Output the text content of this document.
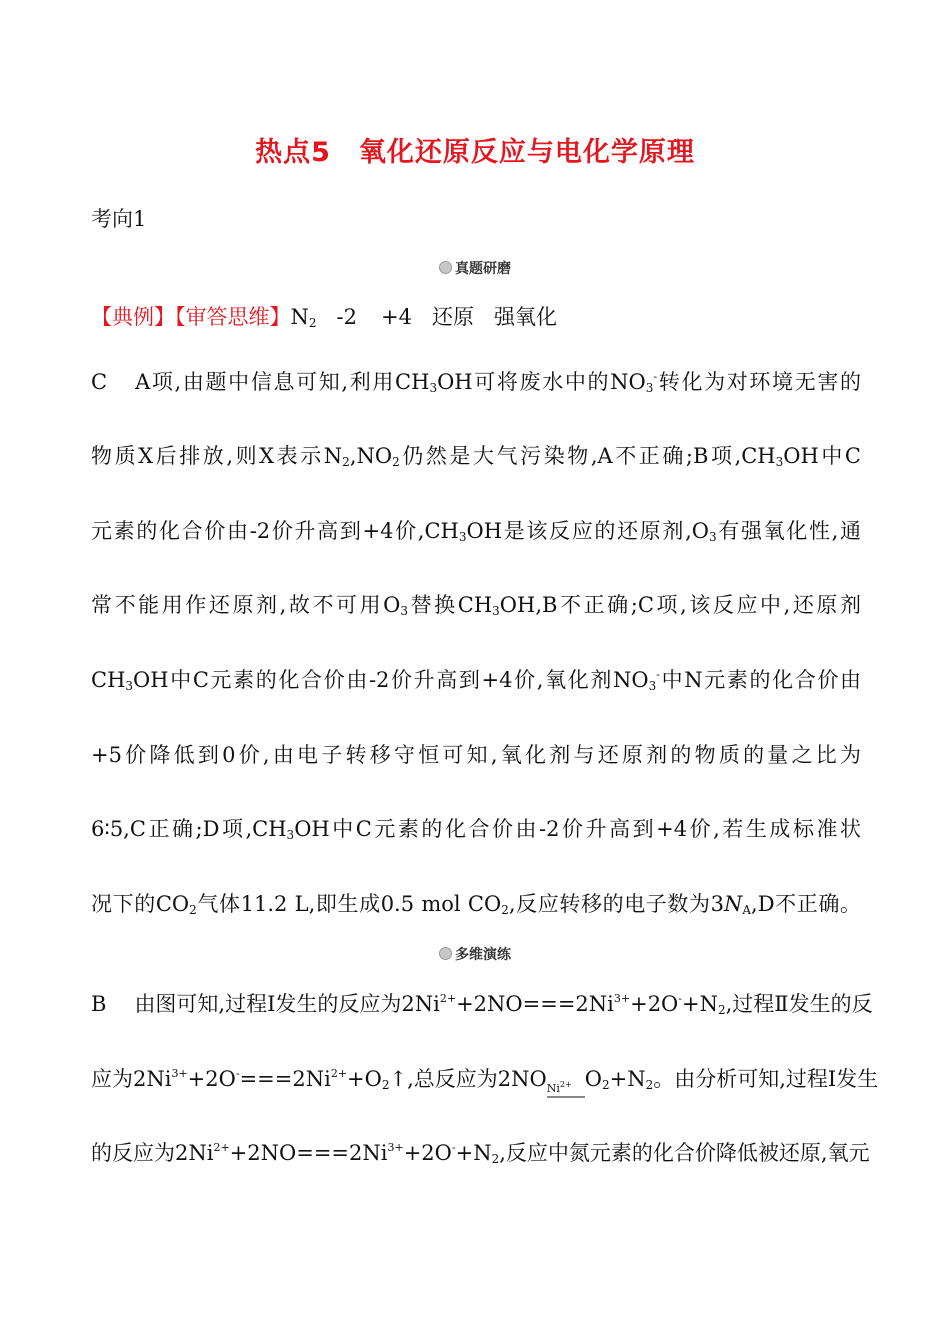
热点5　氧化还原反应与电化学原理
考向1
真题研磨
【典例】【审答思维】$N_2$ -2 +4 还原 强氧化
C A项,由题中信息可知,利用$CH_3OH$可将废水中的$NO_3^-$转化为对环境无害的
物质X后排放,则X表示$N_2,NO_2$仍然是大气污染物,A不正确;B项$,CH_3OH$中C
元素的化合价由-2价升高到+4价$,CH_3OH$是该反应的还原剂$,O_3$有强氧化性,通
常不能用作还原剂,故不可用$O_3$替换$CH_3OH,B$不正确;C项,该反应中,还原剂
$CH_3OH$中C元素的化合价由-2价升高到+4价,氧化剂$NO_3^-$中N元素的化合价由
+5价降低到0价,由电子转移守恒可知,氧化剂与还原剂的物质的量之比为
6∶5,C正确;D项$,CH_3OH$中C元素的化合价由-2价升高到+4价,若生成标准状
况下的$CO_2$气体11.2 L,即生成0.5 mol $CO_2$,反应转移的电子数为$3N_A,D$不正确。
多维演练
B 由图可知,过程Ⅰ发生的反应为$2Ni^{2+}+2NO===2Ni^{3+}+2O^-+N_2$,过程Ⅱ发生的反
应为$2Ni^{3+}+2O^-===2Ni^{2+}+O_2↑$,总反应为2NO $Ni^{2+}$ $O_2+N_2$。由分析可知,过程Ⅰ发生
的反应为$2Ni^{2+}+2NO===2Ni^{3+}+2O^-+N_2$,反应中氮元素的化合价降低被还原,氧元
